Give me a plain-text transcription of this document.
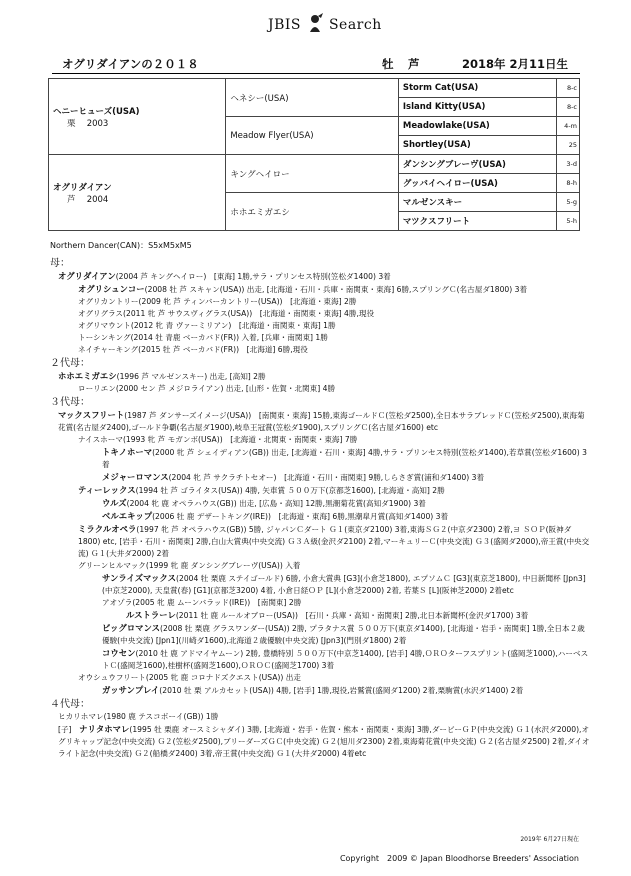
JBIS Search
オグリダイアンの２０１８	牡 芦	2018年 2月11日生
ヘニーヒューズ(USA)
栗　 2003	ヘネシー(USA)	Storm Cat(USA)	8-c
		Island Kitty(USA)	8-c
	Meadow Flyer(USA)	Meadowlake(USA)	4-m
		Shortley(USA)	25

オグリダイアン
芦　 2004	キングヘイロー	ダンシングブレーヴ(USA)	3-d
		グッバイヘイロー(USA)	8-h
	ホホエミガエシ	マルゼンスキー	5-g
		マツクスフリート	5-h
Northern Dancer(CAN)：S5xM5xM5
母：
オグリダイアン(2004 芦 キングヘイロー)　[東海] 1勝,サラ・プリンセス特別(笠松ダ1400) 3着
オグリシュンコー(2008 牡 芦 スキャン(USA)) 出走, [北海道・石川・兵庫・南関東・東海] 6勝,スプリングＣ(名古屋ダ1800) 3着
オグリカントリー(2009 牝 芦 ティンバーカントリー(USA))　[北海道・東海] 2勝
オグリグラス(2011 牝 芦 サウスヴィグラス(USA))　[北海道・南関東・東海] 4勝,現役
オグリマウント(2012 牝 青 ヴァーミリアン)　[北海道・南関東・東海] 1勝
トーシンキング(2014 牡 青鹿 ベーカバド(FR)) 入着, [兵庫・南関東] 1勝
ネイチャーキング(2015 牡 芦 ベーカバド(FR))　[北海道] 6勝,現役
２代母：
ホホエミガエシ(1996 芦 マルゼンスキー) 出走, [高知] 2勝
ローリエン(2000 セン 芦 メジロライアン) 出走, [山形・佐賀・北関東] 4勝
３代母：
マックスフリート(1987 芦 ダンサーズイメージ(USA))　[南関東・東海] 15勝,東海ゴールドＣ(笠松ダ2500),全日本サラブレッドＣ(笠松ダ2500),東海菊花賞(名古屋ダ2400),ゴールド争覇(名古屋ダ1900),岐阜王冠賞(笠松ダ1900),スプリングＣ(名古屋ダ1600) etc
ナイスホーマ(1993 牝 芦 モガンボ(USA))　[北海道・北関東・南関東・東海] 7勝
トキノホーマ(2000 牝 芦 シェイディアン(GB)) 出走, [北海道・石川・東海] 4勝,サラ・プリンセス特別(笠松ダ1400),若草賞(笠松ダ1600) 3着
メジャーロマンス(2004 牝 芦 サクラチトセオー)　[北海道・石川・南関東] 9勝,しらさぎ賞(浦和ダ1400) 3着
ティーレックス(1994 牡 芦 ゴライタス(USA)) 4勝, 矢車賞 ５００万下(京都芝1600), [北海道・高知] 2勝
ウルズ(2004 牝 鹿 オペラハウス(GB)) 出走, [広島・高知] 12勝,黒潮菊花賞(高知ダ1900) 3着
ベルエキップ(2006 牡 鹿 デザートキング(IRE))　[北海道・東海] 6勝,黒潮皐月賞(高知ダ1400) 3着
ミラクルオペラ(1997 牝 芦 オペラハウス(GB)) 5勝, ジャパンＣダート Ｇ１(東京ダ2100) 3着,東海ＳＧ２(中京ダ2300) 2着,ヨ ＳＯＰ(阪神ダ1800) etc, [岩手・石川・南関東] 2勝,白山大賞典(中央交流) Ｇ３Ａ級(金沢ダ2100) 2着,マーキュリーＣ(中央交流) Ｇ３(盛岡ダ2000),帝王賞(中央交流) Ｇ１(大井ダ2000) 2着
グリーンヒルマック(1999 牝 鹿 ダンシングブレーヴ(USA)) 入着
サンライズマックス(2004 牡 栗鹿 ステイゴールド) 6勝, 小倉大賞典 [G3](小倉芝1800), エプソムＣ [G3](東京芝1800), 中日新聞杯 [Jpn3](中京芝2000), 天皇賞(春) [G1](京都芝3200) 4着, 小倉日経ＯＰ [L](小倉芝2000) 2着, 若葉Ｓ [L](阪神芝2000) 2着etc
アオゾラ(2005 牝 鹿 ムーンバラッド(IRE))　[南関東] 2勝
ルストラーレ(2011 牡 鹿 ルールオブロー(USA))　[石川・兵庫・高知・南関東] 2勝,北日本新聞杯(金沢ダ1700) 3着
ビッグロマンス(2008 牡 栗鹿 グラスワンダー(USA)) 2勝, プラタナス賞 ５００万下(東京ダ1400), [北海道・岩手・南関東] 1勝,全日本２歳優駿(中央交流) [Jpn1](川崎ダ1600),北海道２歳優駿(中央交流) [Jpn3](門別ダ1800) 2着
コウセン(2010 牡 鹿 アドマイヤムーン) 2勝, 豊橋特別 ５００万下(中京芝1400), [岩手] 4勝,ＯＲＯターフスプリント(盛岡芝1000),ハーベストＣ(盛岡芝1600),桂樹杯(盛岡芝1600),ＯＲＯＣ(盛岡芝1700) 3着
オウシュウフリート(2005 牝 鹿 コロナドズクエスト(USA)) 出走
ガッサンプレイ(2010 牡 栗 アルカセット(USA)) 4勝, [岩手] 1勝,現役,岩鷲賞(盛岡ダ1200) 2着,栗駒賞(水沢ダ1400) 2着
４代母：
ヒカリホマレ(1980 鹿 テスコボーイ(GB)) 1勝
[子]　 ナリタホマレ(1995 牡 栗鹿 オースミシャダイ) 3勝, [北海道・岩手・佐賀・熊本・南関東・東海] 3勝,ダービーＧＰ(中央交流) Ｇ１(水沢ダ2000),オグリキャップ記念(中央交流) Ｇ２(笠松ダ2500),ブリーダーズＧＣ(中央交流) Ｇ２(旭川ダ2300) 2着,東海菊花賞(中央交流) Ｇ２(名古屋ダ2500) 2着,ダイオライト記念(中央交流) Ｇ２(船橋ダ2400) 3着,帝王賞(中央交流) Ｇ１(大井ダ2000) 4着etc
2019年 6月27日現在
Copyright　2009 © Japan Bloodhorse Breeders' Association
